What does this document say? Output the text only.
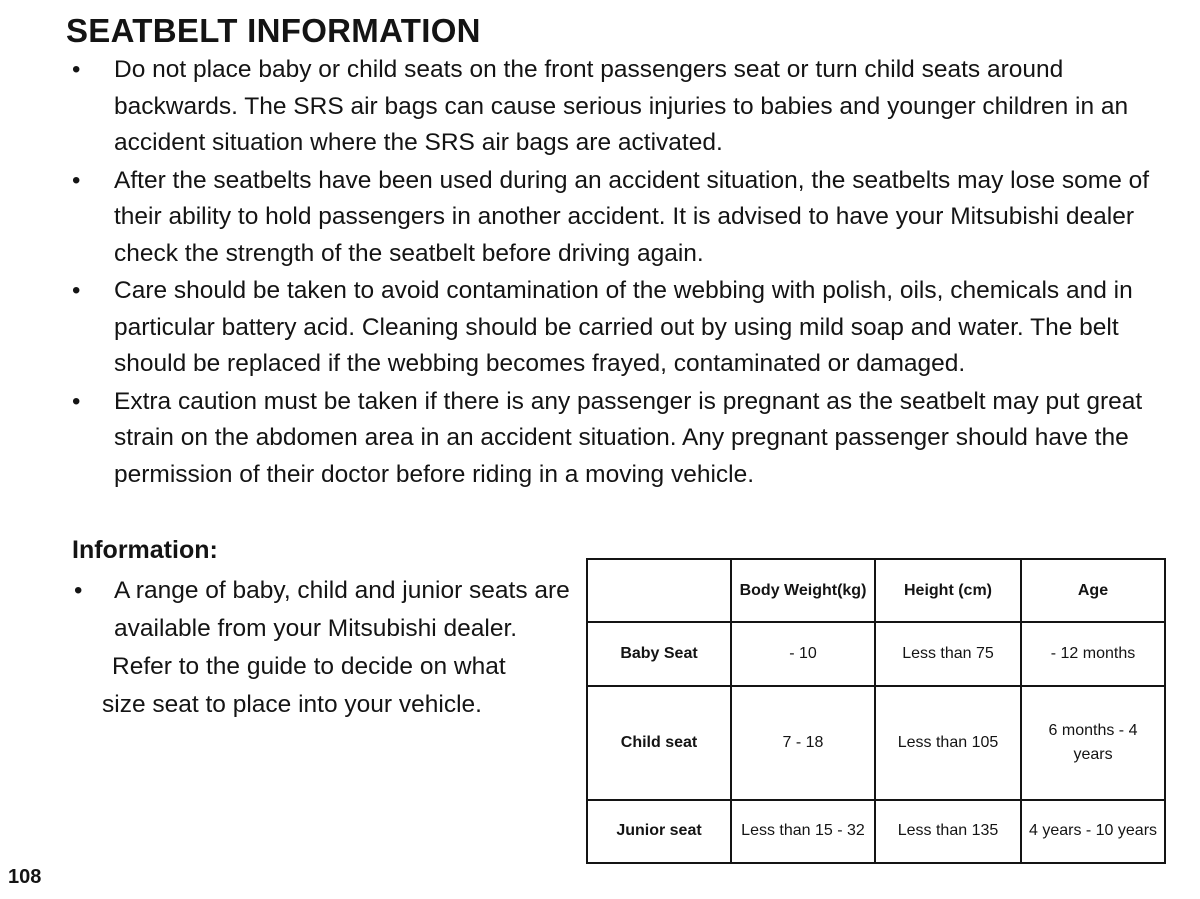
SEATBELT INFORMATION
• Do not place baby or child seats on the front passengers seat or turn child seats around backwards. The SRS air bags can cause serious injuries to babies and younger children in an accident situation where the SRS air bags are activated.
• After the seatbelts have been used during an accident situation, the seatbelts may lose some of their ability to hold passengers in another accident. It is advised to have your Mitsubishi dealer check the strength of the seatbelt before driving again.
• Care should be taken to avoid contamination of the webbing with polish, oils, chemicals and in particular battery acid. Cleaning should be carried out by using mild soap and water. The belt should be replaced if the webbing becomes frayed, contaminated or damaged.
• Extra caution must be taken if there is any passenger is pregnant as the seatbelt may put great strain on the abdomen area in an accident situation. Any pregnant passenger should have the permission of their doctor before riding in a moving vehicle.
Information:
• A range of baby, child and junior seats are available from your Mitsubishi dealer.
Refer to the guide to decide on what
size seat to place into your vehicle.
	Body Weight(kg)	Height (cm)	Age
Baby Seat	- 10	Less than 75	- 12 months
Child seat	7 - 18	Less than 105	6 months - 4 years
Junior seat	Less than 15 - 32	Less than 135	4 years - 10 years
108
